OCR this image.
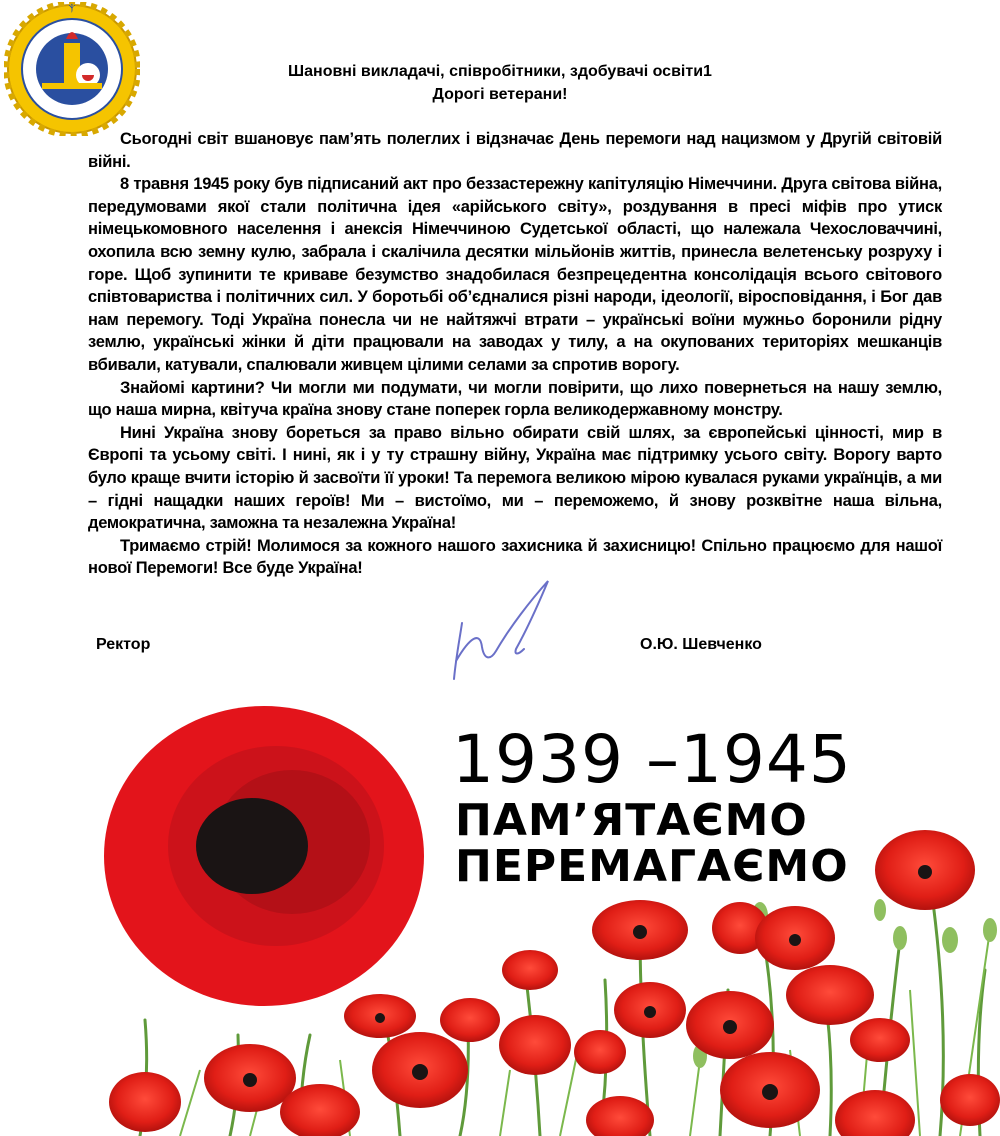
Ⲯ
Шановні викладачі, співробітники, здобувачі освіти1
Дорогі ветерани!

Сьогодні світ вшановує пам’ять полеглих і відзначає День перемоги над нацизмом у Другій світовій війні.

8 травня 1945 року був підписаний акт про беззастережну капітуляцію Німеччини. Друга світова війна, передумовами якої стали політична ідея «арійського світу», роздування в пресі міфів про утиск німецькомовного населення і анексія Німеччиною Судетської області, що належала Чехословаччині, охопила всю земну кулю, забрала і скалічила десятки мільйонів життів, принесла велетенську розруху і горе. Щоб зупинити те криваве безумство знадобилася безпрецедентна консолідація всього світового співтовариства і політичних сил. У боротьбі об’єдналися різні народи, ідеології, віросповідання, і Бог дав нам перемогу. Тоді Україна понесла чи не найтяжчі втрати – українські воїни мужньо боронили рідну землю, українські жінки й діти працювали на заводах у тилу, а на окупованих територіях мешканців вбивали, катували, спалювали живцем цілими селами за спротив ворогу.

Знайомі картини? Чи могли ми подумати, чи могли повірити, що лихо повернеться на нашу землю, що наша мирна, квітуча країна знову стане поперек горла великодержавному монстру.

Нині Україна знову бореться за право вільно обирати свій шлях, за європейські цінності, мир в Європі та усьому світі. І нині, як і у ту страшну війну, Україна має підтримку усього світу. Ворогу варто було краще вчити історію й засвоїти її уроки! Та перемога великою мірою кувалася руками українців, а ми – гідні нащадки наших героїв! Ми – вистоїмо, ми – переможемо, й знову розквітне наша вільна, демократична, заможна та незалежна Україна!

Тримаємо стрій! Молимося за кожного нашого захисника й захисницю! Спільно працюємо для нашої нової Перемоги! Все буде Україна!

Ректор	О.Ю. Шевченко
1939 –1945
ПАМ’ЯТАЄМО
ПЕРЕМАГАЄМО
